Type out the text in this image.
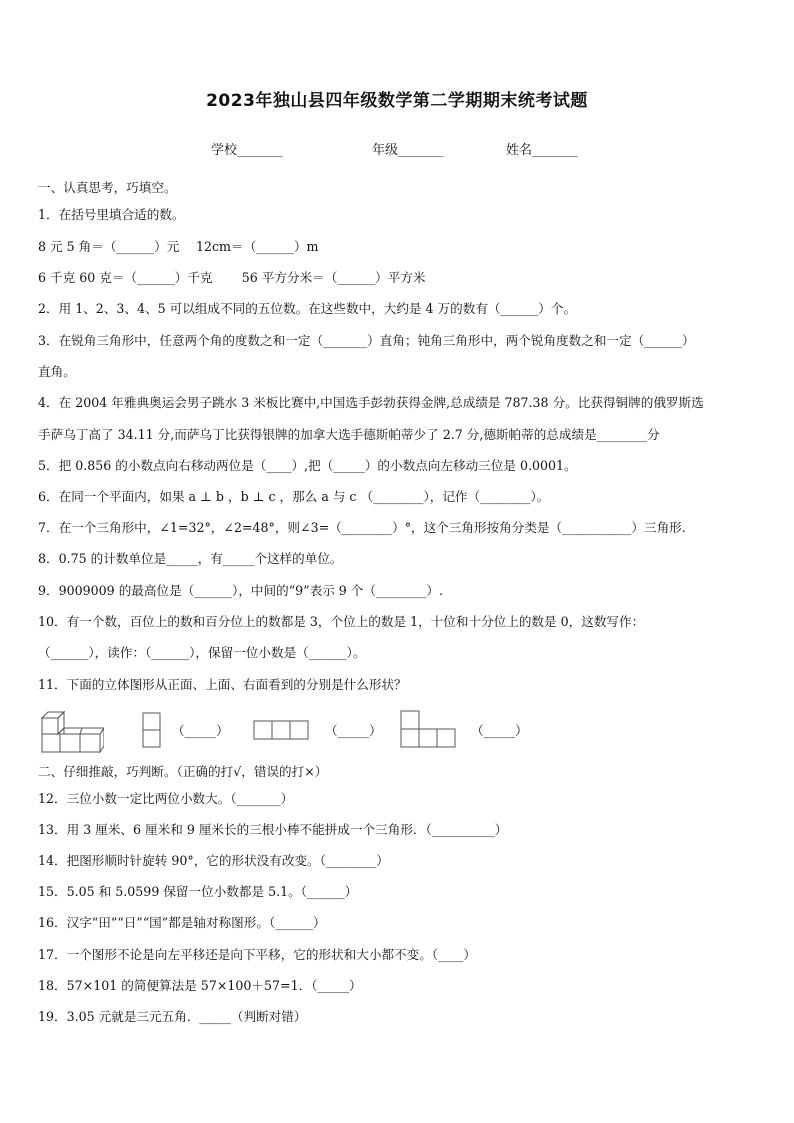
2023年独山县四年级数学第二学期期末统考试题
学校_______	年级_______	姓名_______
一、认真思考，巧填空。
1．在括号里填合适的数。
8 元 5 角＝（______）元　 12cm＝（______）m
6 千克 60 克＝（______）千克　　 56 平方分米＝（______）平方米
2．用 1、2、3、4、5 可以组成不同的五位数。在这些数中，大约是 4 万的数有（______）个。
3．在锐角三角形中，任意两个角的度数之和一定（_______）直角；钝角三角形中，两个锐角度数之和一定（______）
直角。
4．在 2004 年雅典奥运会男子跳水 3 米板比赛中,中国选手彭勃获得金牌,总成绩是 787.38 分。比获得铜牌的俄罗斯选
手萨乌丁高了 34.11 分,而萨乌丁比获得银牌的加拿大选手德斯帕蒂少了 2.7 分,德斯帕蒂的总成绩是________分
5．把 0.856 的小数点向右移动两位是（____）,把（_____）的小数点向左移动三位是 0.0001。
6．在同一个平面内，如果 a ⊥ b ，b ⊥ c ，那么 a 与 c （________），记作（________）。
7．在一个三角形中，∠1=32°，∠2=48°，则∠3=（________）°，这个三角形按角分类是（___________）三角形.
8．0.75 的计数单位是_____，有_____个这样的单位。
9．9009009 的最高位是（______），中间的“9”表示 9 个（________）.
10．有一个数，百位上的数和百分位上的数都是 3，个位上的数是 1，十位和十分位上的数是 0，这数写作：
（______），读作：（______），保留一位小数是（______）。
11．下面的立体图形从正面、上面、右面看到的分别是什么形状？
（_____）	（_____）	（_____）
二、仔细推敲，巧判断。（正确的打√，错误的打×）
12．三位小数一定比两位小数大。（_______）
13．用 3 厘米、6 厘米和 9 厘米长的三根小棒不能拼成一个三角形．（__________）
14．把图形顺时针旋转 90°，它的形状没有改变。（________）
15．5.05 和 5.0599 保留一位小数都是 5.1。（______）
16．汉字“田”“日”“国”都是轴对称图形。（______）
17．一个图形不论是向左平移还是向下平移，它的形状和大小都不变。（____）
18．57×101 的简便算法是 57×100＋57=1．（_____）
19．3.05 元就是三元五角．_____（判断对错）
